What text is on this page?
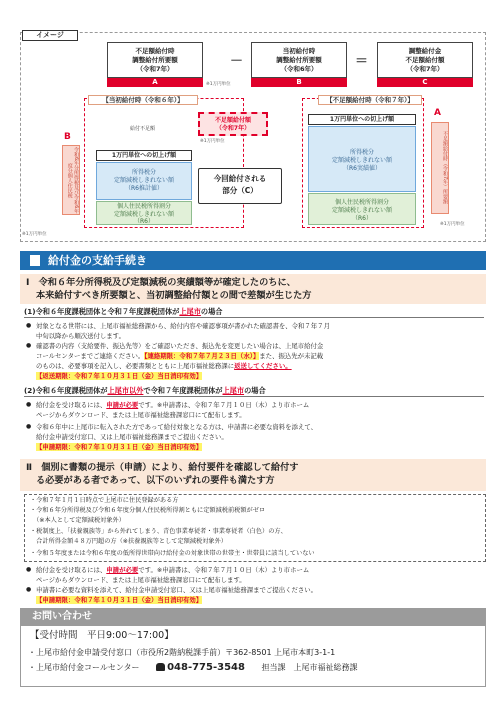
イメージ
不足額給付時
調整給付所要額
（令和7年）
A	※1万円単位
－
当初給付時
調整給付所要額
（令和6年）
B
＝
調整給付金
不足額給付額
（令和7年）
C
【当初給付時（令和６年）】	【不足額給付時（令和７年）】
B
令和6年分所得税及び令和6年度分個人住民税
A
不足額給付時（令和7年）所要額
給付不足額
1万円単位への切上げ額
所得税分
定額減税しきれない額
（R6推計値）
個人住民税所得割分
定額減税しきれない額
（R6）
※1万円単位
不足額給付額
（令和7年）
※1万円単位
今回給付される
部分（C）
1万円単位への切上げ額
所得税分
定額減税しきれない額
（R6実績値）
個人住民税所得割分
定額減税しきれない額
（R6）
※1万円単位
給付金の支給手続き
Ⅰ　令和６年分所得税及び定額減税の実績額等が確定したのちに、
本来給付すべき所要額と、当初調整給付額との間で差額が生じた方
(1)令和６年度課税団体と令和７年度課税団体が上尾市の場合
● 対象となる世帯には、上尾市福祉総務課から、給付内容や確認事項が書かれた確認書を、令和７年７月
中旬以降から順次送付します。
● 確認書の内容（支給要件、振込先等）をご確認いただき、振込先を変更したい場合は、上尾市給付金
コールセンターまでご連絡ください。【連絡期限：令和７年７月２３日（水）】また、振込先が未記載
のものは、必要事項を記入し、必要書類とともに上尾市福祉総務課に返送してください。
【返送期限：令和７年１０月３１日（金）当日消印有効】
(2)令和６年度課税団体が上尾市以外で令和７年度課税団体が上尾市の場合
● 給付金を受け取るには、申請が必要です。※申請書は、令和７年７月１０日（木）より市ホーム
ページからダウンロード、または上尾市福祉総務課窓口にて配布します。
● 令和６年中に上尾市に転入された方であって給付対象となる方は、申請書に必要な資料を添えて、
給付金申請受付窓口、又は上尾市福祉総務課までご提出ください。
【申請期限：令和７年１０月３１日（金）当日消印有効】
Ⅱ　個別に書類の提示（申請）により、給付要件を確認して給付す
る必要がある者であって、以下のいずれの要件も満たす方
・令和７年１月１日時点で上尾市に住民登録がある方
・令和６年分所得税及び令和６年度分個人住民税所得割ともに定額減税前税額がゼロ
　（※本人として定額減税対象外）
・税制度上、「扶養親族等」から外れてしまう、青色事業専従者・事業専従者（白色）の方、
　合計所得金額４８万円超の方（※扶養親族等として定額減税対象外）
・令和５年度または令和６年度の低所得世帯向け給付金の対象世帯の世帯主・世帯員に該当していない
● 給付金を受け取るには、申請が必要です。※申請書は、令和７年７月１０日（木）より市ホーム
ページからダウンロード、または上尾市福祉総務課窓口にて配布します。
● 申請書に必要な資料を添えて、給付金申請受付窓口、又は上尾市福祉総務課までご提出ください。
【申請期限：令和７年１０月３１日（金）当日消印有効】
お問い合わせ
【受付時間　平日9:00～17:00】
・上尾市給付金申請受付窓口（市役所2階納税課手前）〒362-8501 上尾市本町3-1-1
・上尾市給付金コールセンター	048-775-3548 担当課　上尾市福祉総務課
